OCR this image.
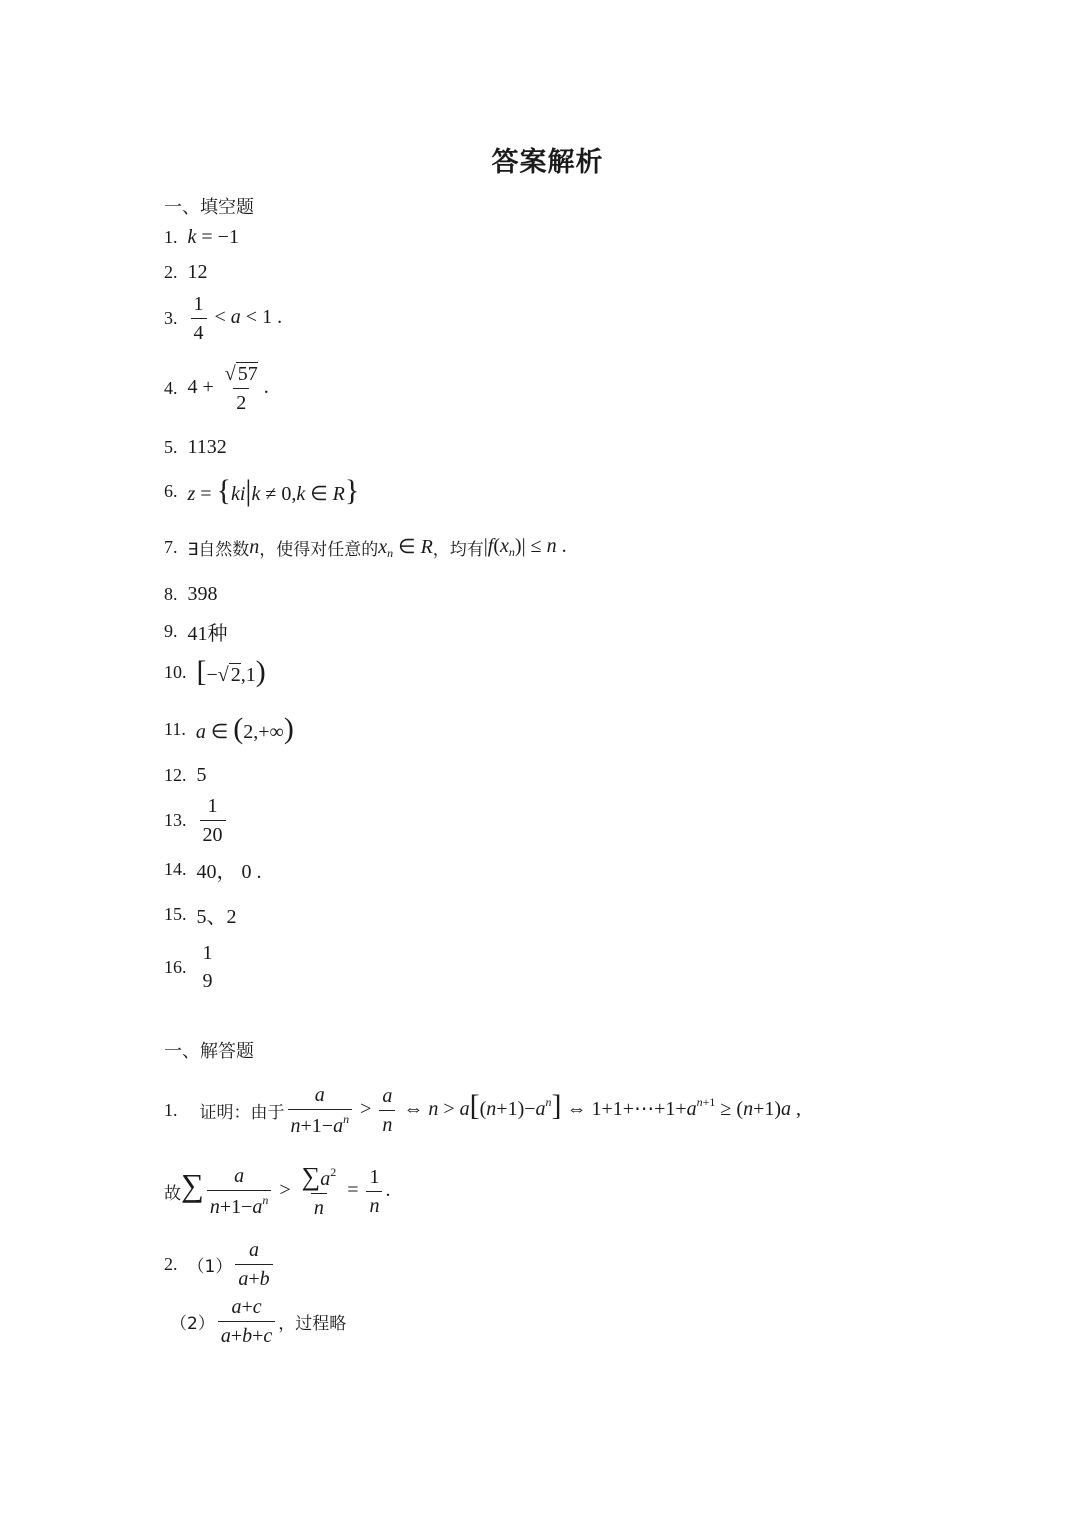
答案解析
一、填空题
1. k = −1
2. 12
3. $\frac{1}{4} < a < 1$ .
4. $4 + \frac{√ 57}{2}$ .
5. 1132
6. z = {ki|k ≠ 0,k ∈ R}
7. ∃自然数 n ，使得对任意的 $x_n$ ∈ R ，均有 $|f(x_n)| \le n$ .
8. 398
9. 41种
10. [−√ 2,1)
11. a ∈ (2,+∞)
12. 5
13. $\frac{1}{20}$
14. 40， 0 .
15. 5、2
16.
1
9
一、解答题
1. 证明：由于 $\frac{a}{n+1-a^n} > \frac{a}{n}$ ⇔ $n > a[(n+1)-a^n]$ ⇔ $1+1+\cdots+1+a^{n+1} \ge (n+1)a$ ,
故 ∑ $\frac{a}{n+1-a^n} > \frac{\sum a^2}{n} = \frac{1}{n}$ .
2. $(1) \frac{a}{a+b}$
$(2) \frac{a+c}{a+b+c}$ ，过程略
